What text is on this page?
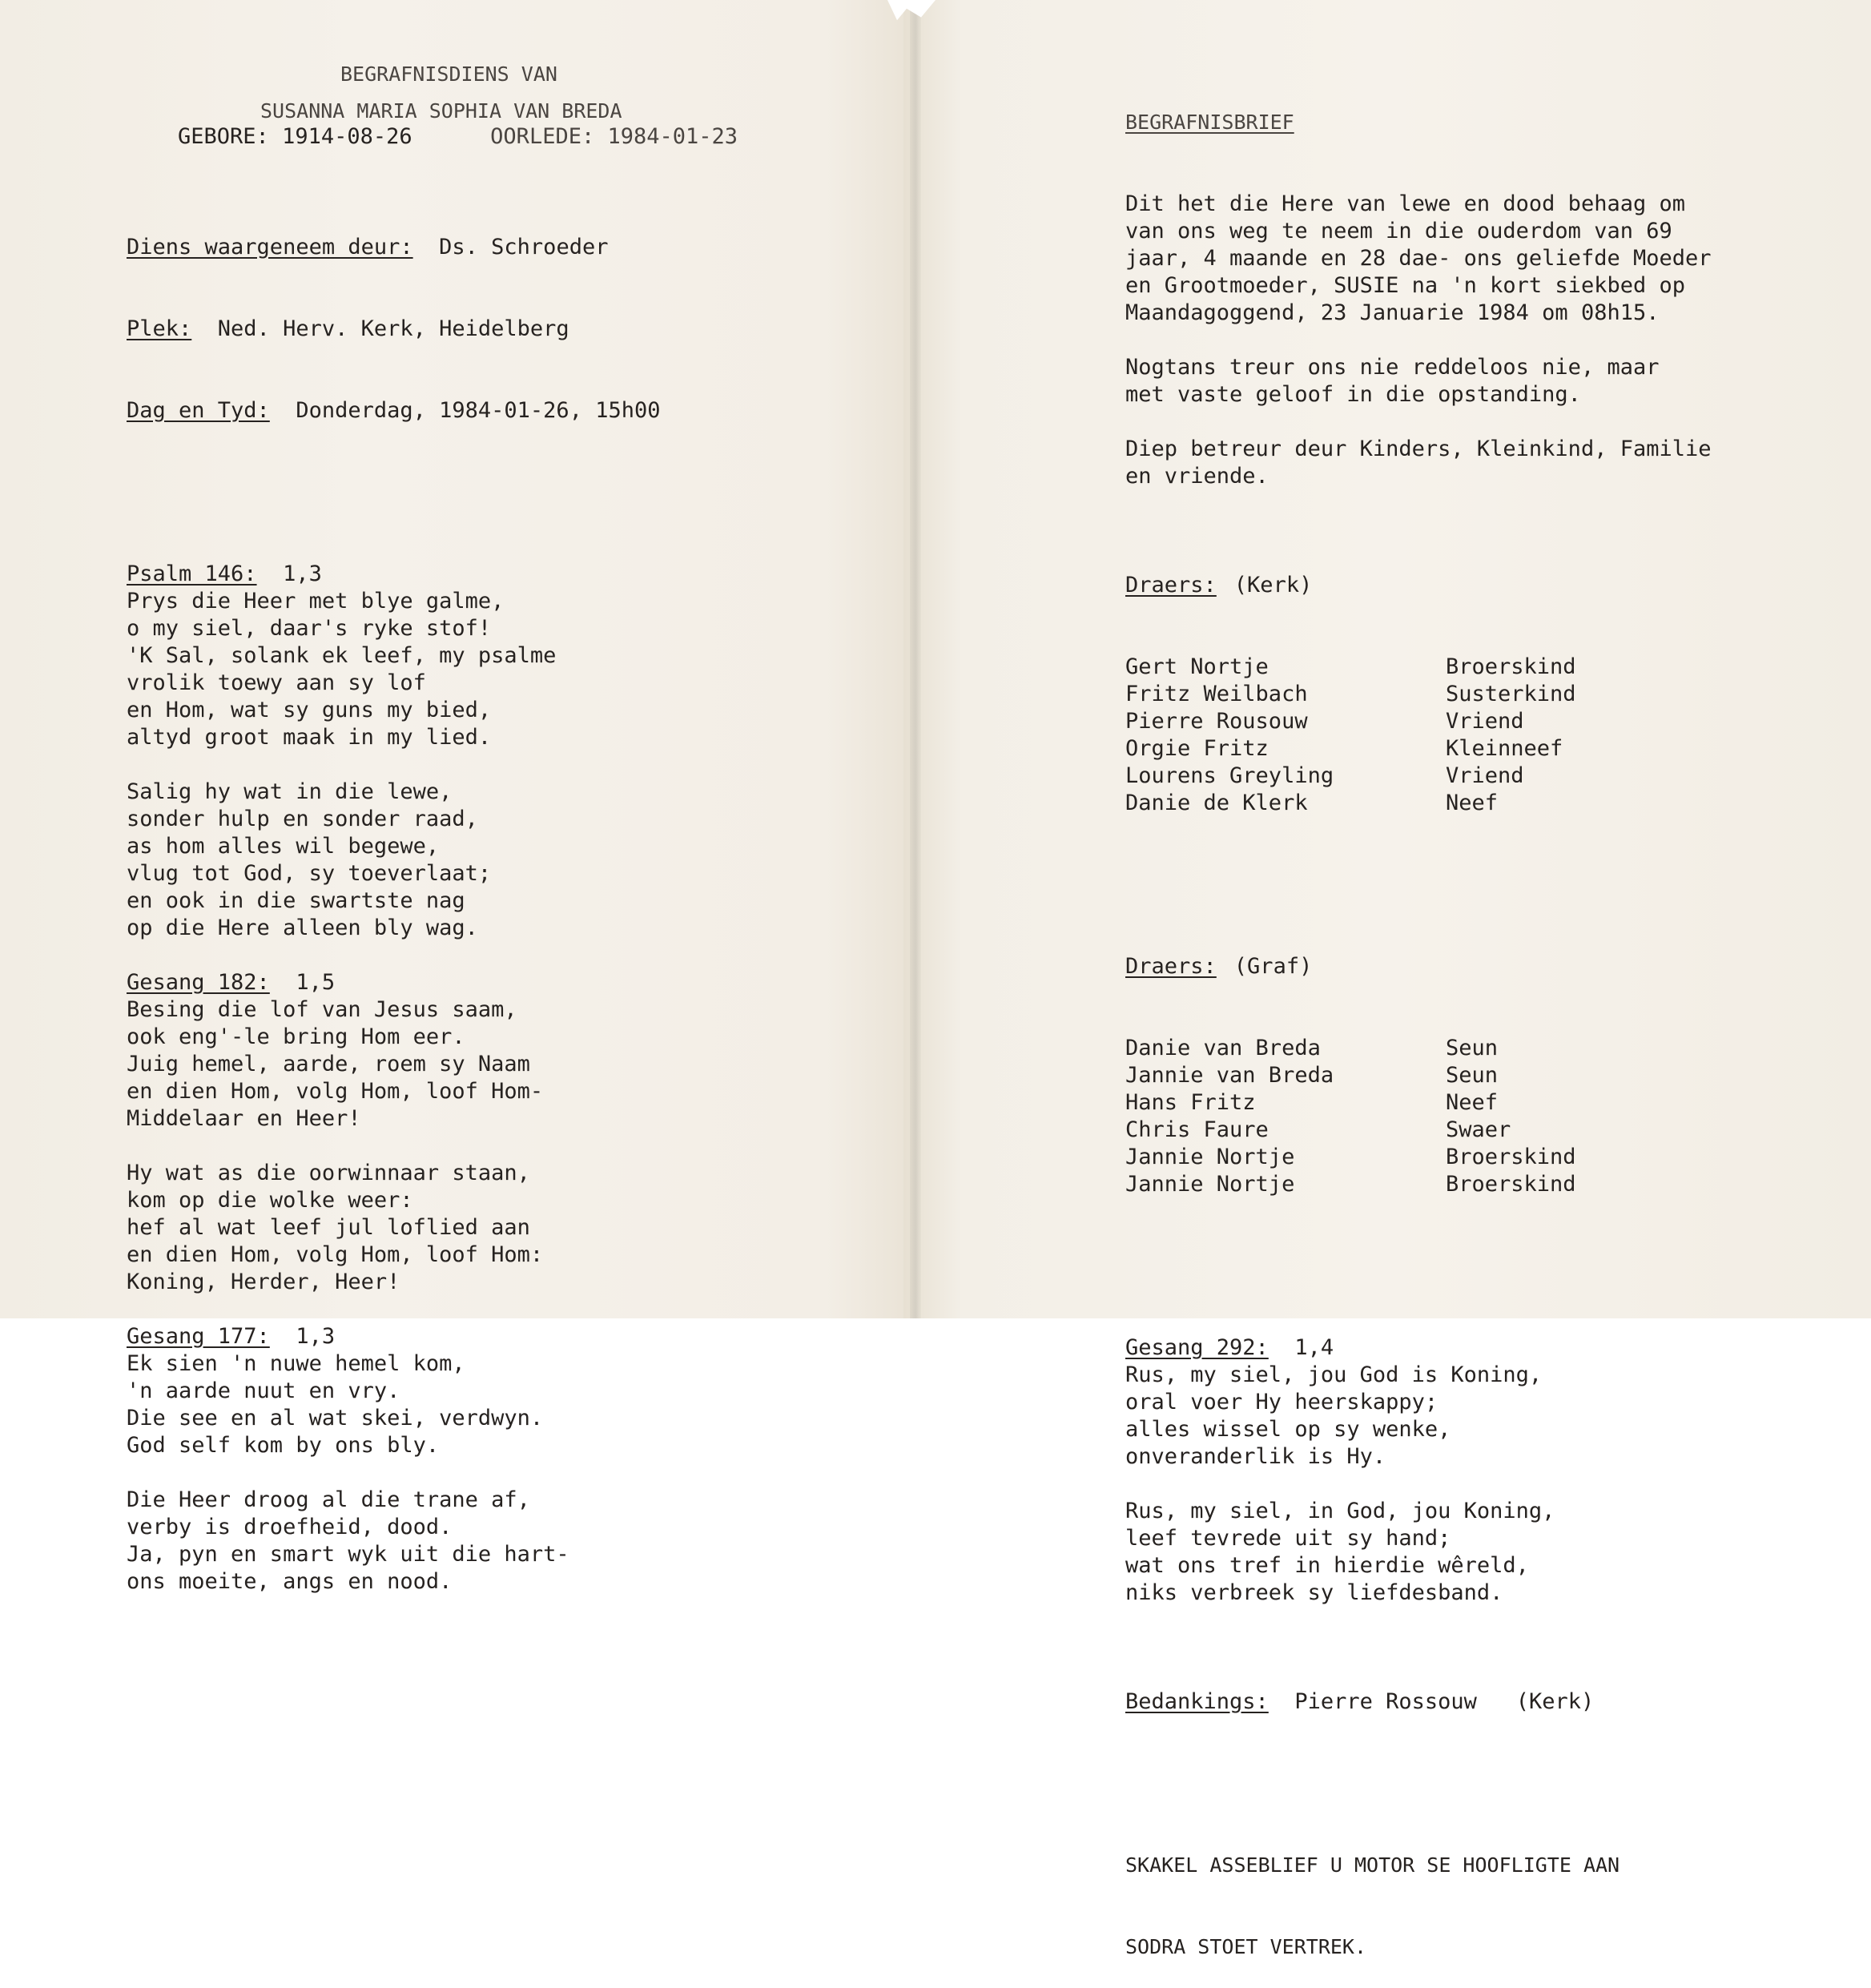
BEGRAFNISDIENS VAN
SUSANNA MARIA SOPHIA VAN BREDA
GEBORE: 1914-08-26	OORLEDE: 1984-01-23

Diens waargeneem deur: Ds. Schroeder

Plek: Ned. Herv. Kerk, Heidelberg

Dag en Tyd: Donderdag, 1984-01-26, 15h00

Psalm 146: 1,3
Prys die Heer met blye galme,
o my siel, daar's ryke stof!
'K Sal, solank ek leef, my psalme
vrolik toewy aan sy lof
en Hom, wat sy guns my bied,
altyd groot maak in my lied.
Salig hy wat in die lewe,
sonder hulp en sonder raad,
as hom alles wil begewe,
vlug tot God, sy toeverlaat;
en ook in die swartste nag
op die Here alleen bly wag.
Gesang 182: 1,5
Besing die lof van Jesus saam,
ook eng'-le bring Hom eer.
Juig hemel, aarde, roem sy Naam
en dien Hom, volg Hom, loof Hom-
Middelaar en Heer!
Hy wat as die oorwinnaar staan,
kom op die wolke weer:
hef al wat leef jul loflied aan
en dien Hom, volg Hom, loof Hom:
Koning, Herder, Heer!
Gesang 177: 1,3
Ek sien 'n nuwe hemel kom,
'n aarde nuut en vry.
Die see en al wat skei, verdwyn.
God self kom by ons bly.
Die Heer droog al die trane af,
verby is droefheid, dood.
Ja, pyn en smart wyk uit die hart-
ons moeite, angs en nood.

BEGRAFNISBRIEF

Dit het die Here van lewe en dood behaag om
van ons weg te neem in die ouderdom van 69
jaar, 4 maande en 28 dae- ons geliefde Moeder
en Grootmoeder, SUSIE na 'n kort siekbed op
Maandagoggend, 23 Januarie 1984 om 08h15.
Nogtans treur ons nie reddeloos nie, maar
met vaste geloof in die opstanding.
Diep betreur deur Kinders, Kleinkind, Familie
en vriende.

Draers: (Kerk)

Gert Nortje	Broerskind
Fritz Weilbach	Susterkind
Pierre Rousouw	Vriend
Orgie Fritz	Kleinneef
Lourens Greyling	Vriend
Danie de Klerk	Neef

Draers: (Graf)

Danie van Breda	Seun
Jannie van Breda	Seun
Hans Fritz	Neef
Chris Faure	Swaer
Jannie Nortje	Broerskind
Jannie Nortje	Broerskind

Gesang 292: 1,4
Rus, my siel, jou God is Koning,
oral voer Hy heerskappy;
alles wissel op sy wenke,
onveranderlik is Hy.
Rus, my siel, in God, jou Koning,
leef tevrede uit sy hand;
wat ons tref in hierdie wêreld,
niks verbreek sy liefdesband.

Bedankings: Pierre Rossouw (Kerk)

SKAKEL ASSEBLIEF U MOTOR SE HOOFLIGTE AAN

SODRA STOET VERTREK.
